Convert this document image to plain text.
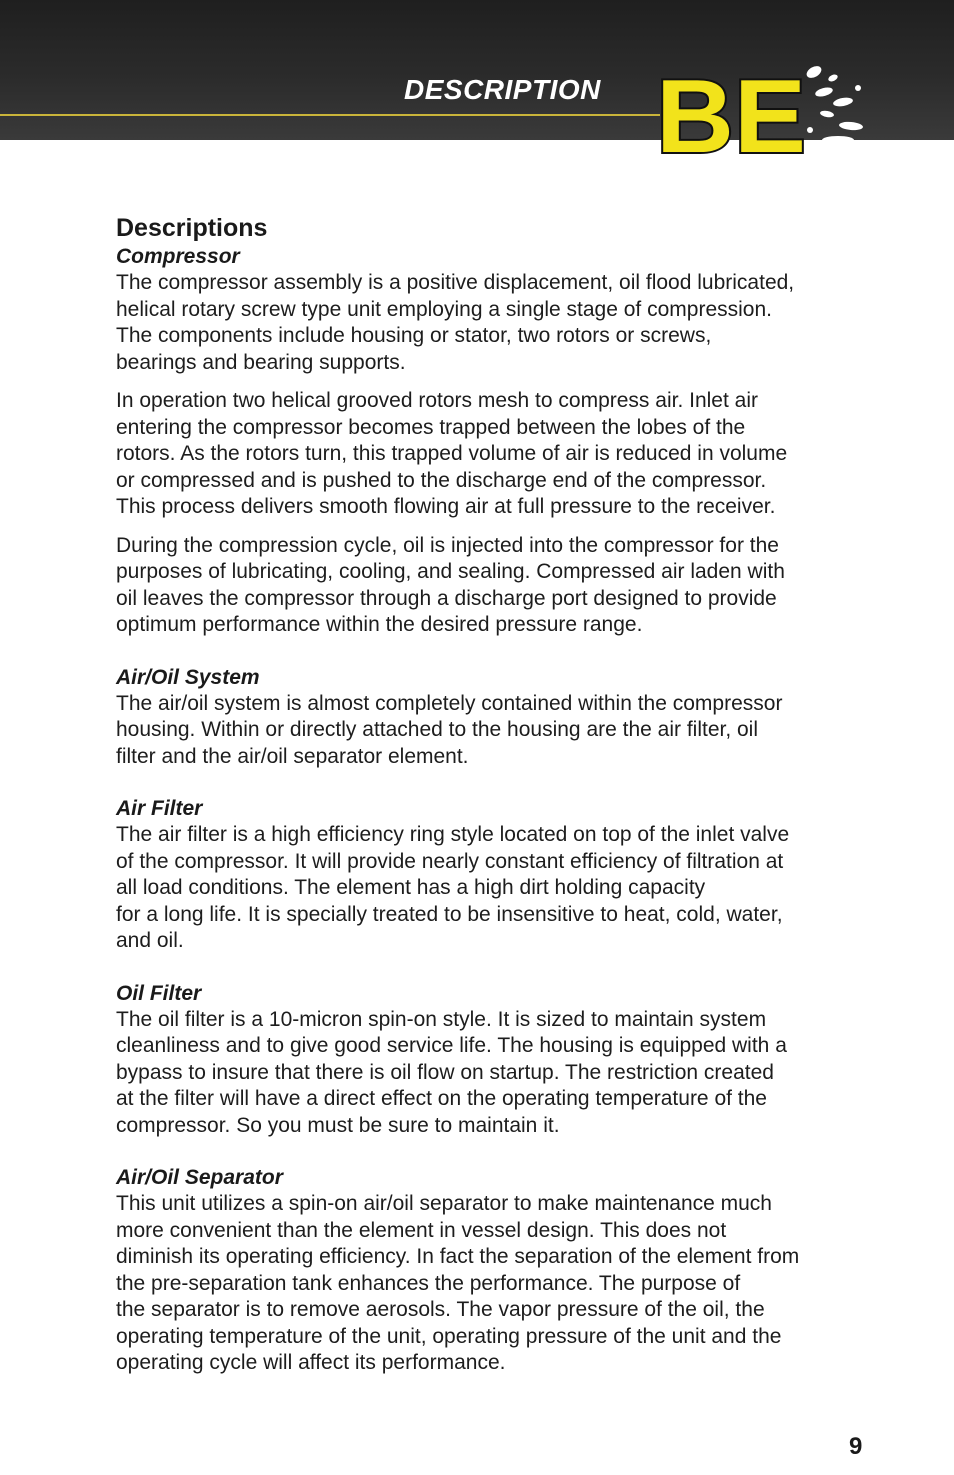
DESCRIPTION BE
Descriptions
Compressor

The compressor assembly is a positive displacement, oil flood lubricated,
helical rotary screw type unit employing a single stage of compression.
The components include housing or stator, two rotors or screws,
bearings and bearing supports.

In operation two helical grooved rotors mesh to compress air. Inlet air
entering the compressor becomes trapped between the lobes of the
rotors. As the rotors turn, this trapped volume of air is reduced in volume
or compressed and is pushed to the discharge end of the compressor.
This process delivers smooth flowing air at full pressure to the receiver.

During the compression cycle, oil is injected into the compressor for the
purposes of lubricating, cooling, and sealing. Compressed air laden with
oil leaves the compressor through a discharge port designed to provide
optimum performance within the desired pressure range.

Air/Oil System

The air/oil system is almost completely contained within the compressor
housing. Within or directly attached to the housing are the air filter, oil
filter and the air/oil separator element.

Air Filter

The air filter is a high efficiency ring style located on top of the inlet valve
of the compressor. It will provide nearly constant efficiency of filtration at
all load conditions. The element has a high dirt holding capacity
for a long life. It is specially treated to be insensitive to heat, cold, water,
and oil.

Oil Filter

The oil filter is a 10-micron spin-on style. It is sized to maintain system
cleanliness and to give good service life. The housing is equipped with a
bypass to insure that there is oil flow on startup. The restriction created
at the filter will have a direct effect on the operating temperature of the
compressor. So you must be sure to maintain it.

Air/Oil Separator

This unit utilizes a spin-on air/oil separator to make maintenance much
more convenient than the element in vessel design. This does not
diminish its operating efficiency. In fact the separation of the element from
the pre-separation tank enhances the performance. The purpose of
the separator is to remove aerosols. The vapor pressure of the oil, the
operating temperature of the unit, operating pressure of the unit and the
operating cycle will affect its performance.

9
